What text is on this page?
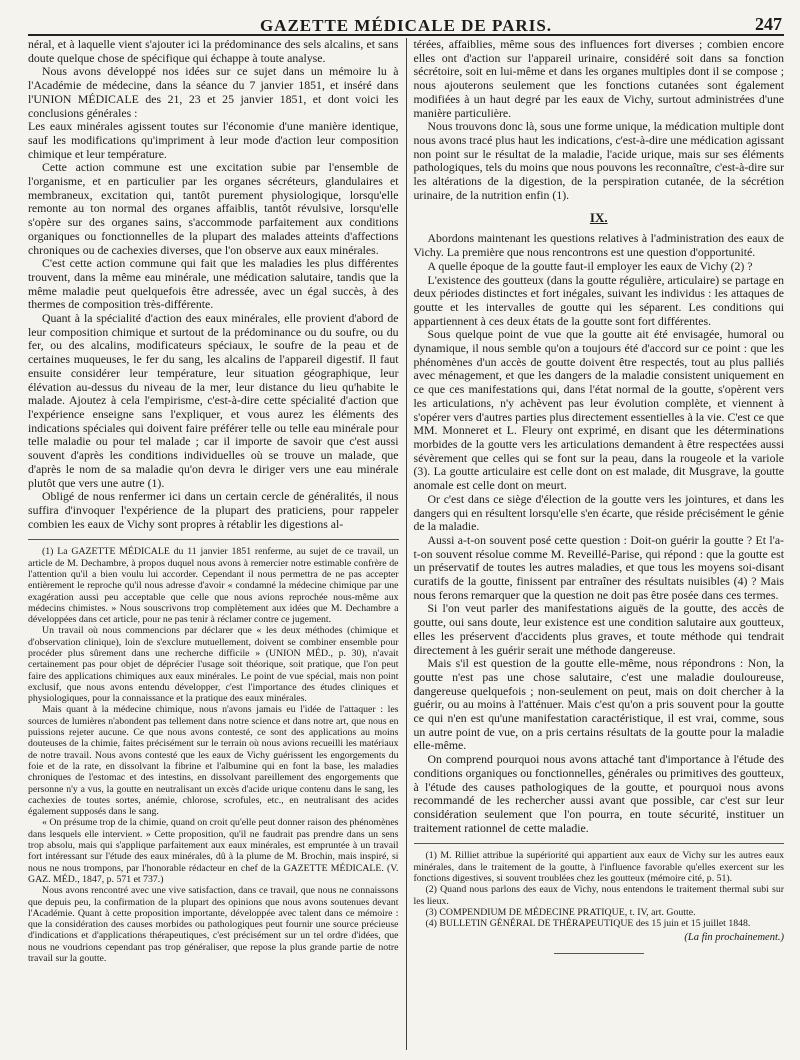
GAZETTE MÉDICALE DE PARIS.	247

néral, et à laquelle vient s'ajouter ici la prédominance des sels alcalins, et sans doute quelque chose de spécifique qui échappe à toute analyse.

Nous avons développé nos idées sur ce sujet dans un mémoire lu à l'Académie de médecine, dans la séance du 7 janvier 1851, et inséré dans l'UNION MÉDICALE des 21, 23 et 25 janvier 1851, et dont voici les conclusions générales :

Les eaux minérales agissent toutes sur l'économie d'une manière identique, sauf les modifications qu'impriment à leur mode d'action leur composition chimique et leur température.

Cette action commune est une excitation subie par l'ensemble de l'organisme, et en particulier par les organes sécréteurs, glandulaires et membraneux, excitation qui, tantôt purement physiologique, lorsqu'elle remonte au ton normal des organes affaiblis, tantôt révulsive, lorsqu'elle s'opère sur des organes sains, s'accommode parfaitement aux conditions organiques ou fonctionnelles de la plupart des malades atteints d'affections chroniques ou de cachexies diverses, que l'on observe aux eaux minérales.

C'est cette action commune qui fait que les maladies les plus différentes trouvent, dans la même eau minérale, une médication salutaire, tandis que la même maladie peut quelquefois être adressée, avec un égal succès, à des thermes de composition très-différente.

Quant à la spécialité d'action des eaux minérales, elle provient d'abord de leur composition chimique et surtout de la prédominance ou du soufre, ou du fer, ou des alcalins, modificateurs spéciaux, le soufre de la peau et de certaines muqueuses, le fer du sang, les alcalins de l'appareil digestif. Il faut ensuite considérer leur température, leur situation géographique, leur élévation au-dessus du niveau de la mer, leur distance du lieu qu'habite le malade. Ajoutez à cela l'empirisme, c'est-à-dire cette spécialité d'action que l'expérience enseigne sans l'expliquer, et vous aurez les éléments des indications spéciales qui doivent faire préférer telle ou telle eau minérale pour telle maladie ou pour tel malade ; car il importe de savoir que c'est aussi souvent d'après les conditions individuelles où se trouve un malade, que d'après le nom de sa maladie qu'on devra le diriger vers une eau minérale plutôt que vers une autre (1).

Obligé de nous renfermer ici dans un certain cercle de généralités, il nous suffira d'invoquer l'expérience de la plupart des praticiens, pour rappeler combien les eaux de Vichy sont propres à rétablir les digestions al-

(1) La GAZETTE MÉDICALE du 11 janvier 1851 renferme, au sujet de ce travail, un article de M. Dechambre, à propos duquel nous avons à remercier notre estimable confrère de l'attention qu'il a bien voulu lui accorder. Cependant il nous permettra de ne pas accepter entièrement le reproche qu'il nous adresse d'avoir « condamné la médecine chimique par une exagération aussi peu acceptable que celle que nous avions reprochée nous-même aux médecins chimistes. » Nous souscrivons trop complètement aux idées que M. Dechambre a développées dans cet article, pour ne pas tenir à réclamer contre ce jugement.

Un travail où nous commencions par déclarer que « les deux méthodes (chimique et d'observation clinique), loin de s'exclure mutuellement, doivent se combiner ensemble pour procéder plus sûrement dans une recherche difficile » (UNION MÉD., p. 30), n'avait certainement pas pour objet de déprécier l'usage soit théorique, soit pratique, que l'on peut faire des applications chimiques aux eaux minérales. Le point de vue spécial, mais non point exclusif, que nous avons entendu développer, c'est l'importance des études cliniques et physiologiques, pour la connaissance et la pratique des eaux minérales.

Mais quant à la médecine chimique, nous n'avons jamais eu l'idée de l'attaquer : les sources de lumières n'abondent pas tellement dans notre science et dans notre art, que nous en puissions rejeter aucune. Ce que nous avons contesté, ce sont des applications au moins douteuses de la chimie, faites précisément sur le terrain où nous avions recueilli les matériaux de notre travail. Nous avons contesté que les eaux de Vichy guérissent les engorgements du foie et de la rate, en dissolvant la fibrine et l'albumine qui en font la base, les maladies chroniques de l'estomac et des intestins, en dissolvant pareillement des engorgements que personne n'y a vus, la goutte en neutralisant un excès d'acide urique contenu dans le sang, les cachexies de toutes sortes, anémie, chlorose, scrofules, etc., en neutralisant des acides également supposés dans le sang.

« On présume trop de la chimie, quand on croit qu'elle peut donner raison des phénomènes dans lesquels elle intervient. » Cette proposition, qu'il ne faudrait pas prendre dans un sens trop absolu, mais qui s'applique parfaitement aux eaux minérales, est empruntée à un travail fort intéressant sur l'étude des eaux minérales, dû à la plume de M. Brochin, mais inspiré, si nous ne nous trompons, par l'honorable rédacteur en chef de la GAZETTE MÉDICALE. (V. GAZ. MÉD., 1847, p. 571 et 737.)

Nous avons rencontré avec une vive satisfaction, dans ce travail, que nous ne connaissons que depuis peu, la confirmation de la plupart des opinions que nous avons soutenues devant l'Académie. Quant à cette proposition importante, développée avec talent dans ce mémoire : que la considération des causes morbides ou pathologiques peut fournir une source précieuse d'indications et d'applications thérapeutiques, c'est précisément sur un tel ordre d'idées, que nous ne voudrions cependant pas trop généraliser, que repose la plus grande partie de notre travail sur la goutte.

térées, affaiblies, même sous des influences fort diverses ; combien encore elles ont d'action sur l'appareil urinaire, considéré soit dans sa fonction sécrétoire, soit en lui-même et dans les organes multiples dont il se compose ; nous ajouterons seulement que les fonctions cutanées sont également modifiées à un haut degré par les eaux de Vichy, surtout administrées d'une manière particulière.

Nous trouvons donc là, sous une forme unique, la médication multiple dont nous avons tracé plus haut les indications, c'est-à-dire une médication agissant non point sur le résultat de la maladie, l'acide urique, mais sur ses éléments pathologiques, tels du moins que nous pouvons les reconnaître, c'est-à-dire sur les altérations de la digestion, de la perspiration cutanée, de la sécrétion urinaire, de la nutrition enfin (1).

IX.

Abordons maintenant les questions relatives à l'administration des eaux de Vichy. La première que nous rencontrons est une question d'opportunité.

A quelle époque de la goutte faut-il employer les eaux de Vichy (2) ?

L'existence des goutteux (dans la goutte régulière, articulaire) se partage en deux périodes distinctes et fort inégales, suivant les individus : les attaques de goutte et les intervalles de goutte qui les séparent. Les conditions qui appartiennent à ces deux états de la goutte sont fort différentes.

Sous quelque point de vue que la goutte ait été envisagée, humoral ou dynamique, il nous semble qu'on a toujours été d'accord sur ce point : que les phénomènes d'un accès de goutte doivent être respectés, tout au plus palliés avec ménagement, et que les dangers de la maladie consistent uniquement en ce que ces manifestations qui, dans l'état normal de la goutte, s'opèrent vers les articulations, n'y achèvent pas leur évolution complète, et viennent à s'opérer vers d'autres parties plus directement essentielles à la vie. C'est ce que MM. Monneret et L. Fleury ont exprimé, en disant que les déterminations morbides de la goutte vers les articulations demandent à être respectées aussi sévèrement que celles qui se font sur la peau, dans la rougeole et la variole (3). La goutte articulaire est celle dont on est malade, dit Musgrave, la goutte anomale est celle dont on meurt.

Or c'est dans ce siège d'élection de la goutte vers les jointures, et dans les dangers qui en résultent lorsqu'elle s'en écarte, que réside précisément le génie de la maladie.

Aussi a-t-on souvent posé cette question : Doit-on guérir la goutte ? Et l'a-t-on souvent résolue comme M. Reveillé-Parise, qui répond : que la goutte est un préservatif de toutes les autres maladies, et que tous les moyens soi-disant curatifs de la goutte, finissent par entraîner des résultats nuisibles (4) ? Mais nous ferons remarquer que la question ne doit pas être posée dans ces termes.

Si l'on veut parler des manifestations aiguës de la goutte, des accès de goutte, oui sans doute, leur existence est une condition salutaire aux goutteux, elles les préservent d'accidents plus graves, et toute méthode qui tendrait directement à les guérir serait une méthode dangereuse.

Mais s'il est question de la goutte elle-même, nous répondrons : Non, la goutte n'est pas une chose salutaire, c'est une maladie douloureuse, dangereuse quelquefois ; non-seulement on peut, mais on doit chercher à la guérir, ou au moins à l'atténuer. Mais c'est qu'on a pris souvent pour la goutte ce qui n'en est qu'une manifestation caractéristique, il est vrai, comme, sous un autre point de vue, on a pris certains résultats de la goutte pour la maladie elle-même.

On comprend pourquoi nous avons attaché tant d'importance à l'étude des conditions organiques ou fonctionnelles, générales ou primitives des goutteux, à l'étude des causes pathologiques de la goutte, et pourquoi nous avons recommandé de les rechercher aussi avant que possible, car c'est sur leur considération seulement que l'on pourra, en toute sécurité, instituer un traitement rationnel de cette maladie.

(1) M. Rilliet attribue la supériorité qui appartient aux eaux de Vichy sur les autres eaux minérales, dans le traitement de la goutte, à l'influence favorable qu'elles exercent sur les fonctions digestives, si souvent troublées chez les goutteux (mémoire cité, p. 51).

(2) Quand nous parlons des eaux de Vichy, nous entendons le traitement thermal subi sur les lieux.

(3) COMPENDIUM DE MÉDECINE PRATIQUE, t. IV, art. Goutte.

(4) BULLETIN GÉNÉRAL DE THÉRAPEUTIQUE des 15 juin et 15 juillet 1848.

(La fin prochainement.)
